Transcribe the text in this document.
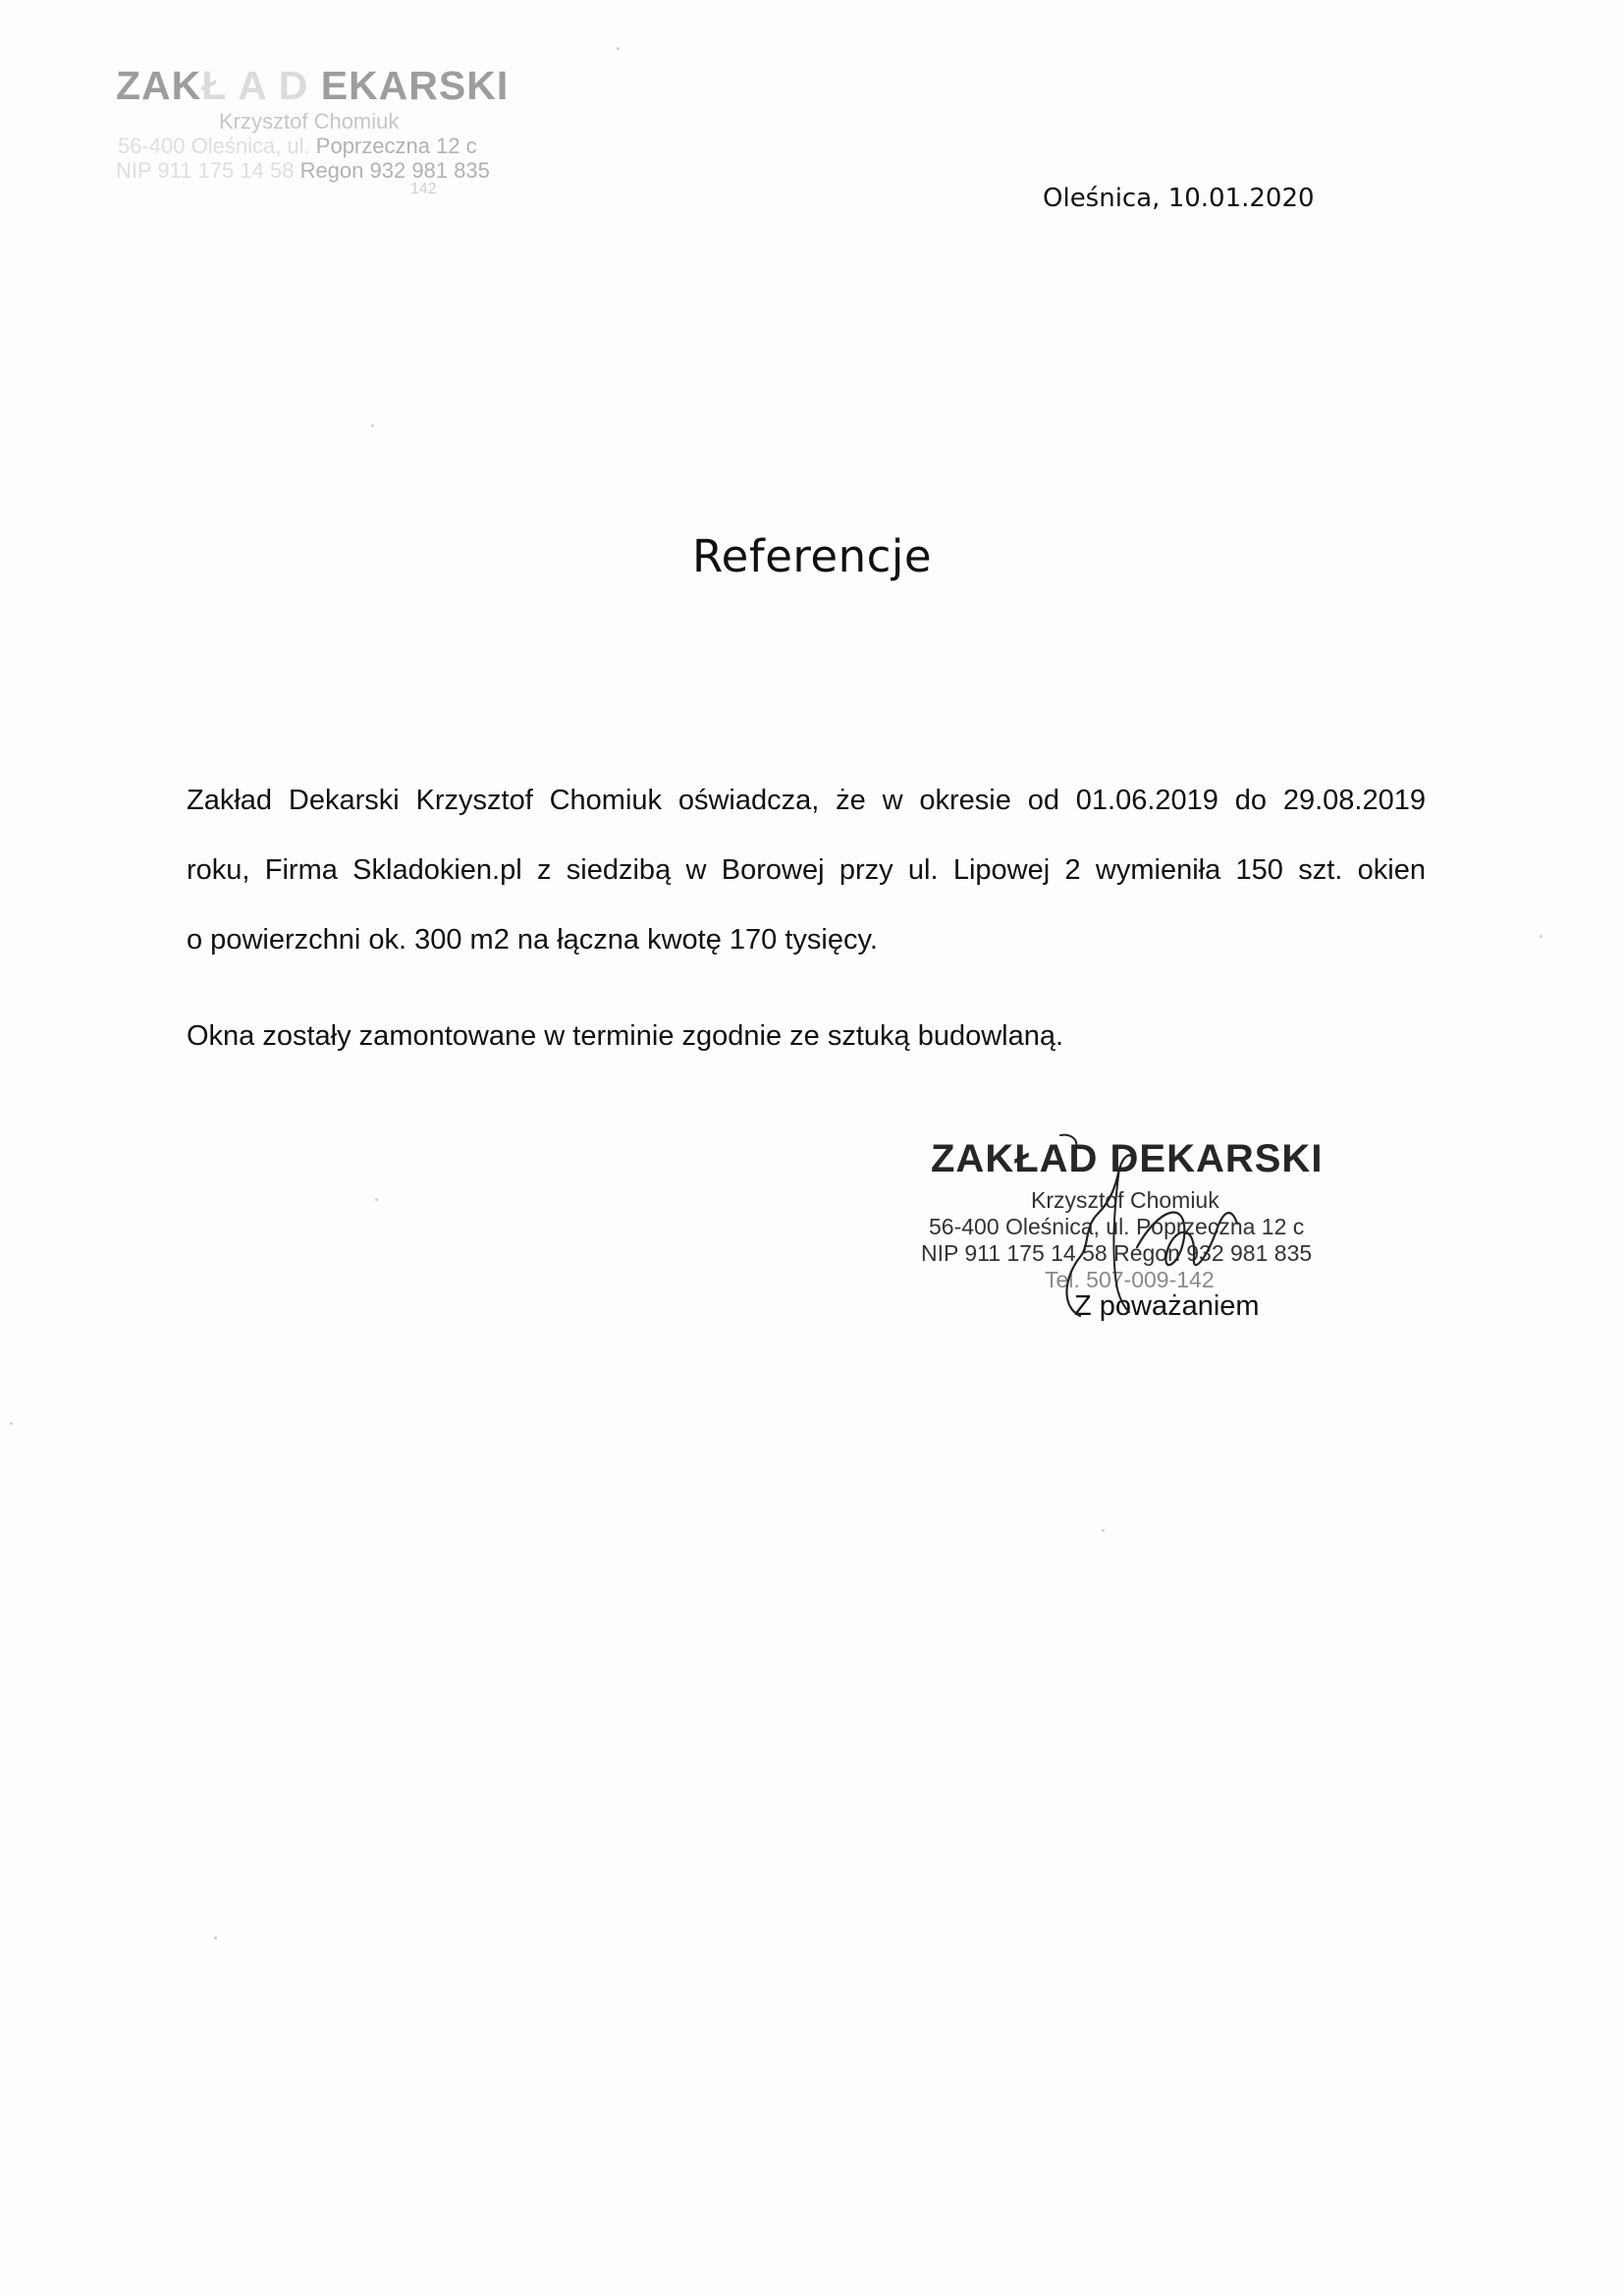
ZAKŁ A D EKARSKI
Krzysztof Chomiuk
56-400 Oleśnica, ul. Poprzeczna 12 c
NIP 911 175 14 58 Regon 932 981 835
142	Oleśnica, 10.01.2020
Referencje
Zakład Dekarski Krzysztof Chomiuk oświadcza, że w okresie od 01.06.2019 do 29.08.2019
roku, Firma Skladokien.pl z siedzibą w Borowej przy ul. Lipowej 2 wymieniła 150 szt. okien
o powierzchni ok. 300 m2 na łączna kwotę 170 tysięcy.
Okna zostały zamontowane w terminie zgodnie ze sztuką budowlaną.
ZAKŁAD DEKARSKI
Krzysztof Chomiuk
56-400 Oleśnica, ul. Poprzeczna 12 c
NIP 911 175 14 58 Regon 932 981 835
Tel. 507-009-142
Z poważaniem
